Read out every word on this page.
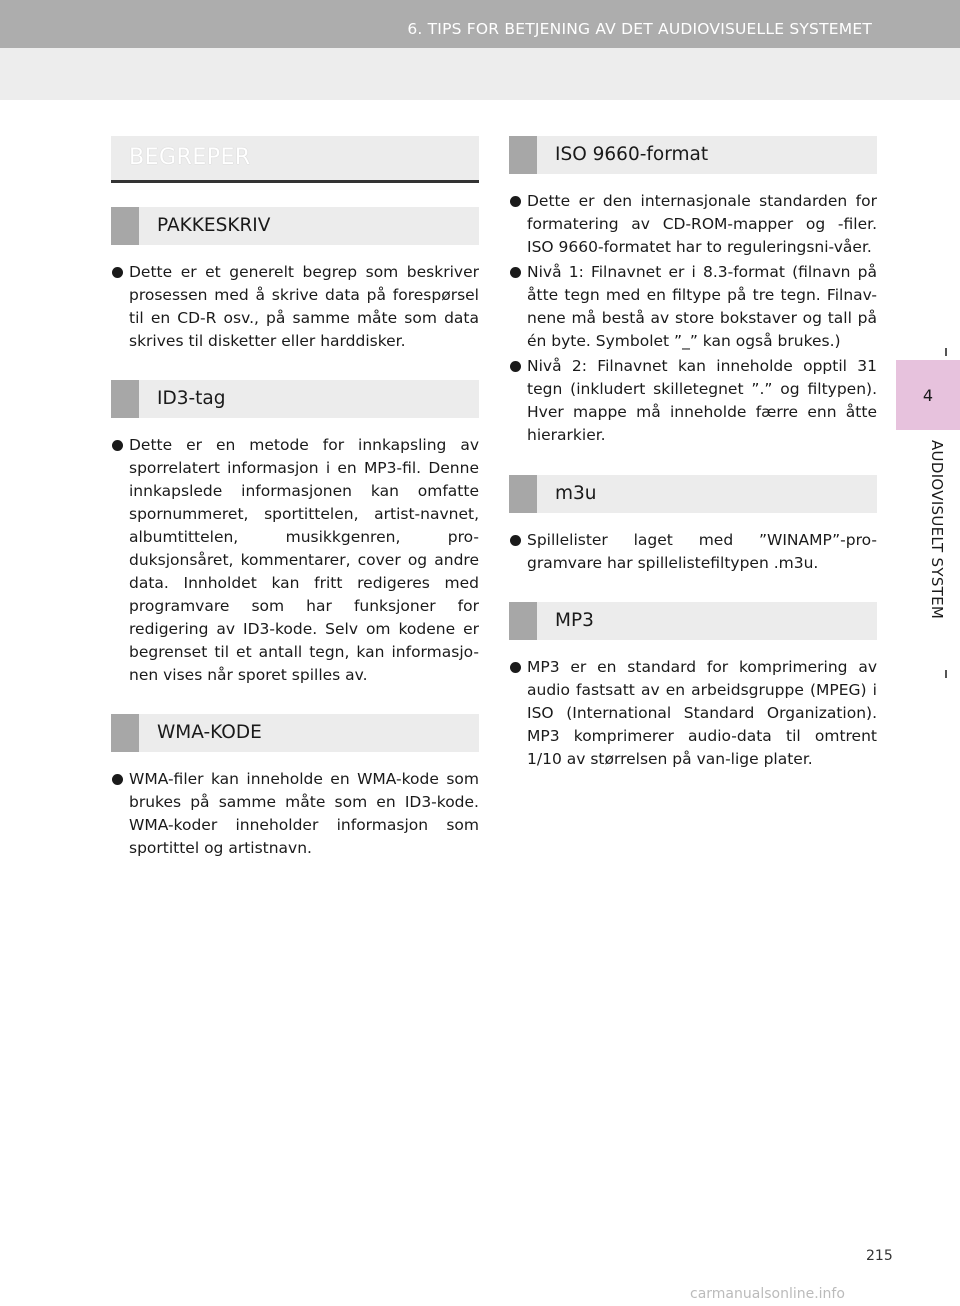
6. TIPS FOR BETJENING AV DET AUDIOVISUELLE SYSTEMET
4
AUDIOVISUELT SYSTEM
BEGREPER
PAKKESKRIV
Dette er et generelt begrep som beskriver prosessen med å skrive data på forespørsel til en CD-R osv., på samme måte som data skrives til disketter eller harddisker.
ID3-tag
Dette er en metode for innkapsling av sporrelatert informasjon i en MP3-fil. Denne innkapslede informasjonen kan omfatte spornummeret, sportittelen, artist-navnet, albumtittelen, musikkgenren, pro-duksjonsåret, kommentarer, cover og andre data. Innholdet kan fritt redigeres med programvare som har funksjoner for redigering av ID3-kode. Selv om kodene er begrenset til et antall tegn, kan informasjo-nen vises når sporet spilles av.
WMA-KODE
WMA-filer kan inneholde en WMA-kode som brukes på samme måte som en ID3-kode. WMA-koder inneholder informasjon som sportittel og artistnavn.
ISO 9660-format
Dette er den internasjonale standarden for formatering av CD-ROM-mapper og -filer. ISO 9660-formatet har to reguleringsni-våer.
Nivå 1: Filnavnet er i 8.3-format (filnavn på åtte tegn med en filtype på tre tegn. Filnav-nene må bestå av store bokstaver og tall på én byte. Symbolet ”_” kan også brukes.)
Nivå 2: Filnavnet kan inneholde opptil 31 tegn (inkludert skilletegnet ”.” og filtypen). Hver mappe må inneholde færre enn åtte hierarkier.
m3u
Spillelister laget med ”WINAMP”-pro-gramvare har spillelistefiltypen .m3u.
MP3
MP3 er en standard for komprimering av audio fastsatt av en arbeidsgruppe (MPEG) i ISO (International Standard Organization). MP3 komprimerer audio-data til omtrent 1/10 av størrelsen på van-lige plater.
215
carmanualsonline.info
